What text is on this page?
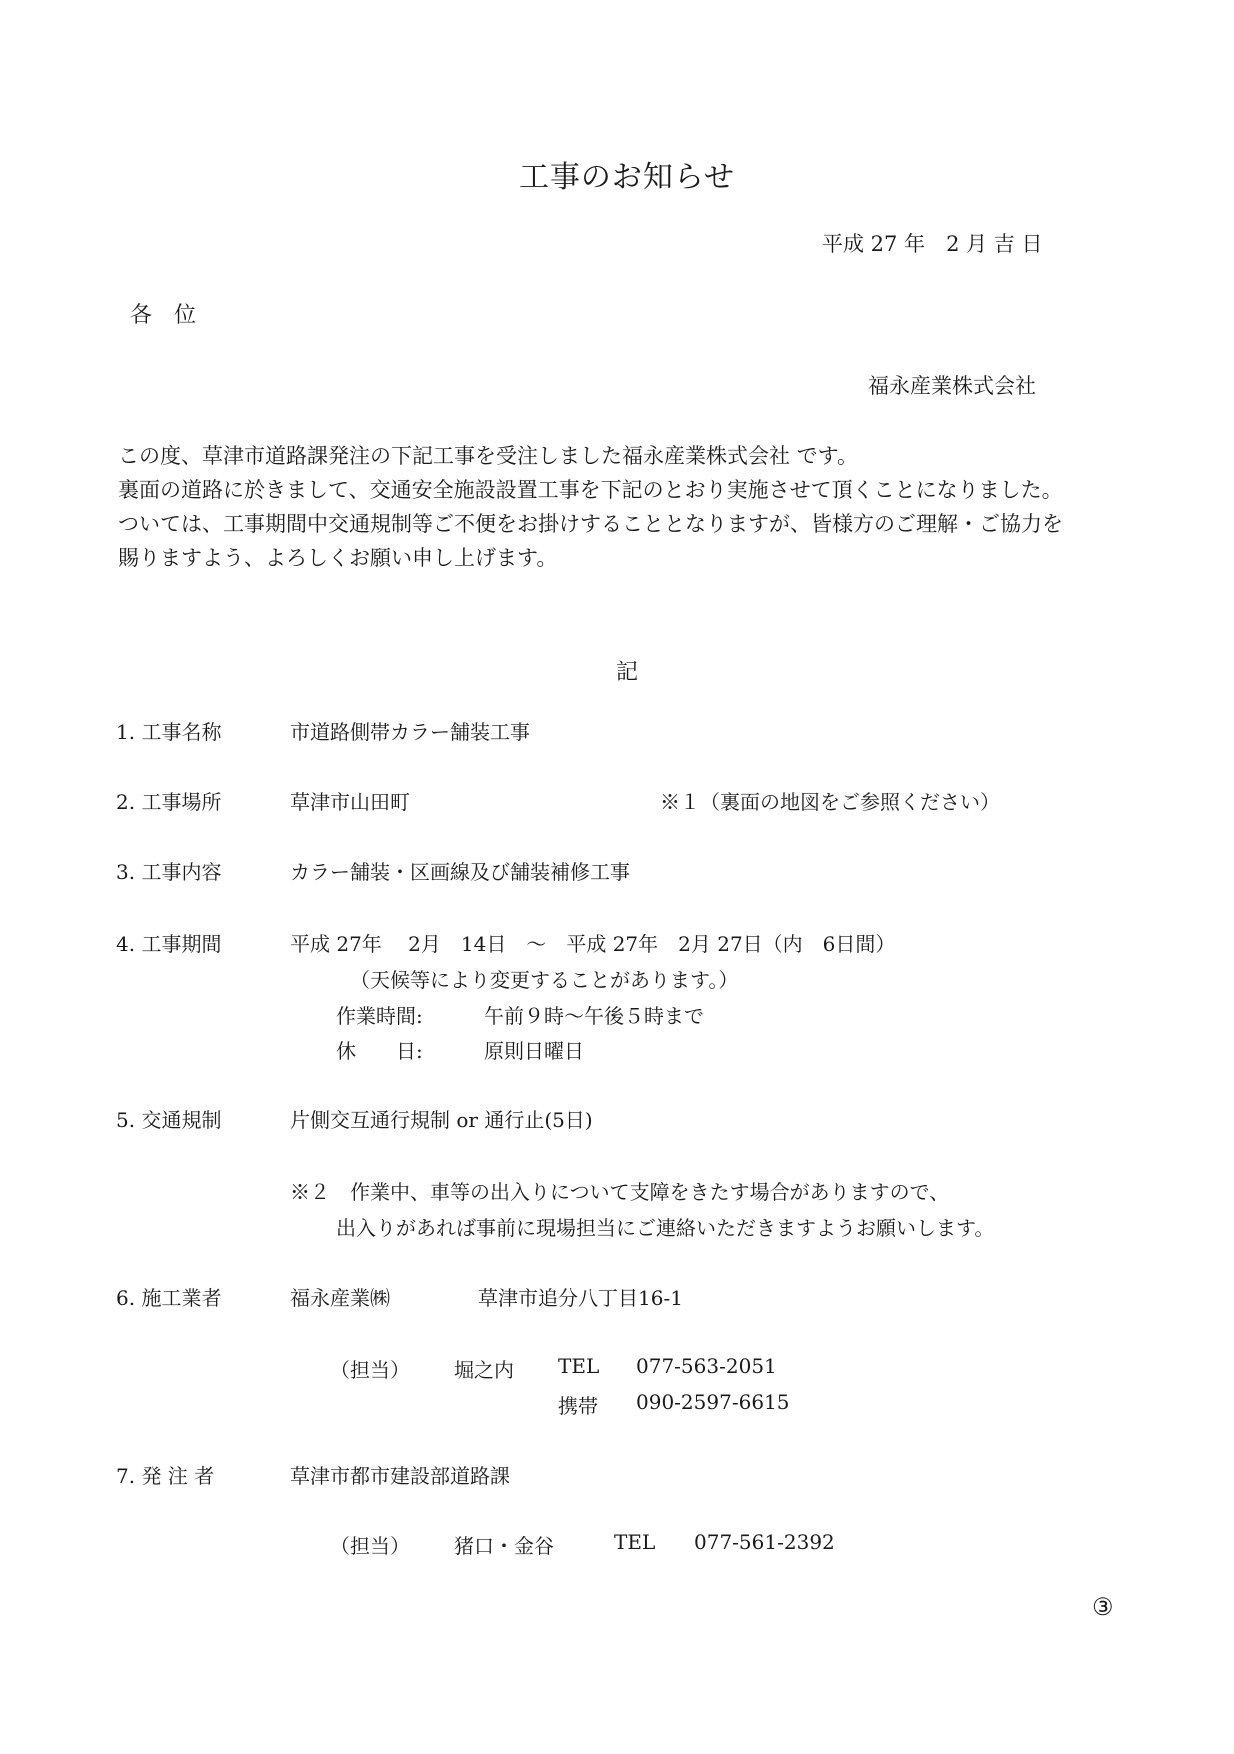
工事のお知らせ
平成 27 年　2 月 吉 日
各　位
福永産業株式会社
この度、草津市道路課発注の下記工事を受注しました福永産業株式会社 です。
裏面の道路に於きまして、交通安全施設設置工事を下記のとおり実施させて頂くことになりました。
ついては、工事期間中交通規制等ご不便をお掛けすることとなりますが、皆様方のご理解・ご協力を
賜りますよう、よろしくお願い申し上げます。
記
1. 工事名称	市道路側帯カラー舗装工事
2. 工事場所	草津市山田町	※１（裏面の地図をご参照ください）
3. 工事内容	カラー舗装・区画線及び舗装補修工事
4. 工事期間	平成 27年　 2月　14日　～　平成 27年　2月 27日（内　6日間）
（天候等により変更することがあります。）
作業時間:	午前９時～午後５時まで
休　　日:	原則日曜日
5. 交通規制	片側交互通行規制 or 通行止(5日)
※２　作業中、車等の出入りについて支障をきたす場合がありますので、
出入りがあれば事前に現場担当にご連絡いただきますようお願いします。
6. 施工業者	福永産業㈱	草津市追分八丁目16-1
（担当） 堀之内 TEL 077-563-2051
携帯 090-2597-6615
7. 発 注 者	草津市都市建設部道路課
（担当） 猪口・金谷	TEL 077-561-2392
③
